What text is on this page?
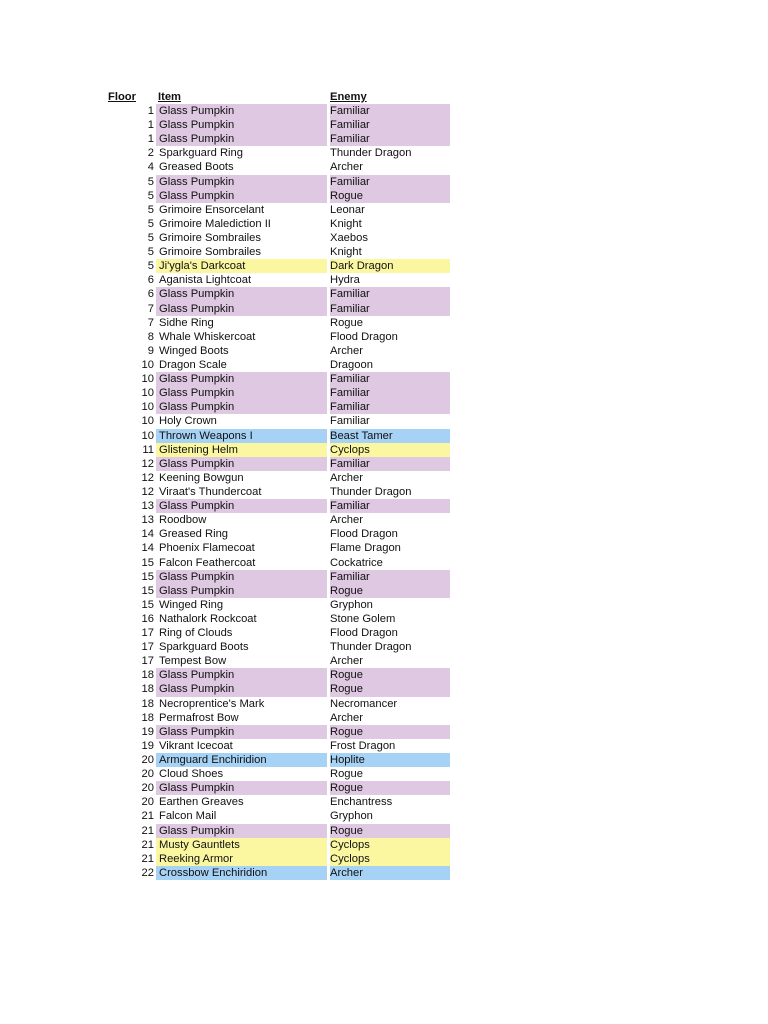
Floor Item	Enemy
1 Glass Pumpkin	Familiar
1 Glass Pumpkin	Familiar
1 Glass Pumpkin	Familiar
2 Sparkguard Ring	Thunder Dragon
4 Greased Boots	Archer
5 Glass Pumpkin	Familiar
5 Glass Pumpkin	Rogue
5 Grimoire Ensorcelant	Leonar
5 Grimoire Malediction II	Knight
5 Grimoire Sombrailes	Xaebos
5 Grimoire Sombrailes	Knight
5 Ji'ygla's Darkcoat	Dark Dragon
6 Aganista Lightcoat	Hydra
6 Glass Pumpkin	Familiar
7 Glass Pumpkin	Familiar
7 Sidhe Ring	Rogue
8 Whale Whiskercoat	Flood Dragon
9 Winged Boots	Archer
10 Dragon Scale	Dragoon
10 Glass Pumpkin	Familiar
10 Glass Pumpkin	Familiar
10 Glass Pumpkin	Familiar
10 Holy Crown	Familiar
10 Thrown Weapons I	Beast Tamer
11 Glistening Helm	Cyclops
12 Glass Pumpkin	Familiar
12 Keening Bowgun	Archer
12 Viraat's Thundercoat	Thunder Dragon
13 Glass Pumpkin	Familiar
13 Roodbow	Archer
14 Greased Ring	Flood Dragon
14 Phoenix Flamecoat	Flame Dragon
15 Falcon Feathercoat	Cockatrice
15 Glass Pumpkin	Familiar
15 Glass Pumpkin	Rogue
15 Winged Ring	Gryphon
16 Nathalork Rockcoat	Stone Golem
17 Ring of Clouds	Flood Dragon
17 Sparkguard Boots	Thunder Dragon
17 Tempest Bow	Archer
18 Glass Pumpkin	Rogue
18 Glass Pumpkin	Rogue
18 Necroprentice's Mark	Necromancer
18 Permafrost Bow	Archer
19 Glass Pumpkin	Rogue
19 Vikrant Icecoat	Frost Dragon
20 Armguard Enchiridion	Hoplite
20 Cloud Shoes	Rogue
20 Glass Pumpkin	Rogue
20 Earthen Greaves	Enchantress
21 Falcon Mail	Gryphon
21 Glass Pumpkin	Rogue
21 Musty Gauntlets	Cyclops
21 Reeking Armor	Cyclops
22 Crossbow Enchiridion	Archer
